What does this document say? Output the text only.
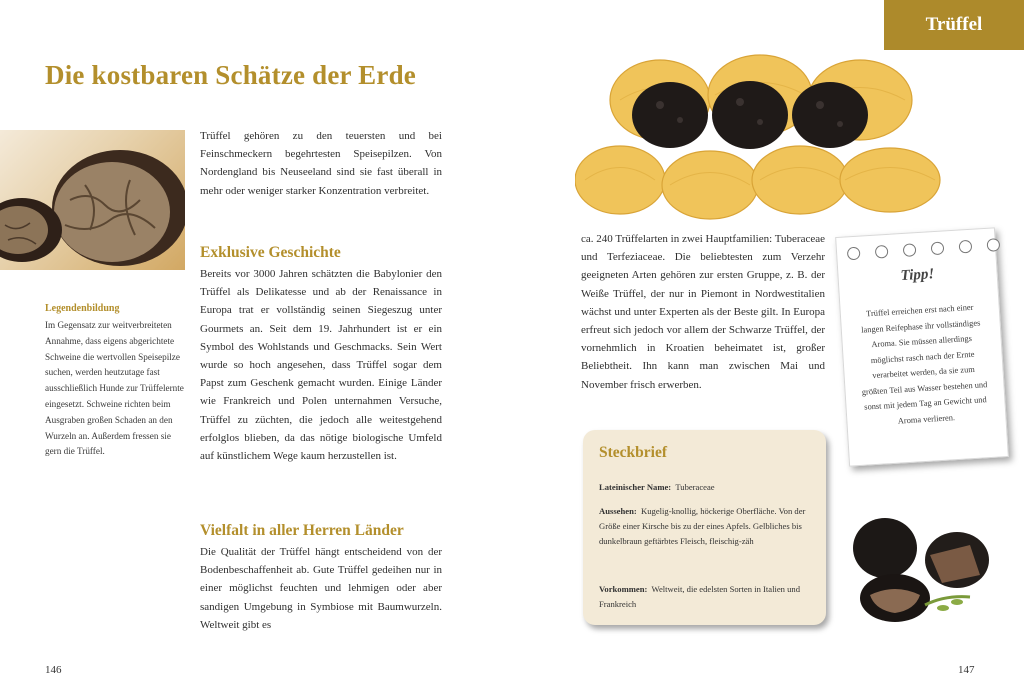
Die kostbaren Schätze der Erde
Legendenbildung
Im Gegensatz zur weitverbreiteten Annahme, dass eigens abgerichtete Schweine die wertvollen Speisepilze suchen, werden heutzutage fast ausschließlich Hunde zur Trüffelernte eingesetzt. Schweine richten beim Ausgraben großen Schaden an den Wurzeln an. Außerdem fressen sie gern die Trüffel.
Trüffel gehören zu den teuersten und bei Feinschmeckern begehrtesten Speisepilzen. Von Nordengland bis Neuseeland sind sie fast überall in mehr oder weniger starker Konzentration verbreitet.
Exklusive Geschichte
Bereits vor 3000 Jahren schätzten die Babylonier den Trüffel als Delikatesse und ab der Renaissance in Europa trat er vollständig seinen Siegeszug unter Gourmets an. Seit dem 19. Jahrhundert ist er ein Symbol des Wohlstands und Geschmacks. Sein Wert wurde so hoch angesehen, dass Trüffel sogar dem Papst zum Geschenk gemacht wurden. Einige Länder wie Frankreich und Polen unternahmen Versuche, Trüffel zu züchten, die jedoch alle weitestgehend erfolglos blieben, da das nötige biologische Umfeld auf künstlichem Wege kaum herzustellen ist.
Vielfalt in aller Herren Länder
Die Qualität der Trüffel hängt entscheidend von der Bodenbeschaffenheit ab. Gute Trüffel gedeihen nur in einer möglichst feuchten und lehmigen oder aber sandigen Umgebung in Symbiose mit Baumwurzeln. Weltweit gibt es
146
Trüffel
ca. 240 Trüffelarten in zwei Hauptfamilien: Tuberaceae und Terfeziaceae. Die beliebtesten zum Verzehr geeigneten Arten gehören zur ersten Gruppe, z. B. der Weiße Trüffel, der nur in Piemont in Nordwestitalien wächst und unter Experten als der Beste gilt. In Europa erfreut sich jedoch vor allem der Schwarze Trüffel, der vornehmlich in Kroatien beheimatet ist, großer Beliebtheit. Ihn kann man zwischen Mai und November frisch erwerben.
Steckbrief
Lateinischer Name: Tuberaceae
Aussehen: Kugelig-knollig, höckerige Oberfläche. Von der Größe einer Kirsche bis zu der eines Apfels. Gelbliches bis dunkelbraun geftärbtes Fleisch, fleischig-zäh
Vorkommen: Weltweit, die edelsten Sorten in Italien und Frankreich
Tipp!
Trüffel erreichen erst nach einer langen Reifephase ihr vollständiges Aroma. Sie müssen allerdings möglichst rasch nach der Ernte verarbeitet werden, da sie zum größten Teil aus Wasser bestehen und sonst mit jedem Tag an Gewicht und Aroma verlieren.
147
